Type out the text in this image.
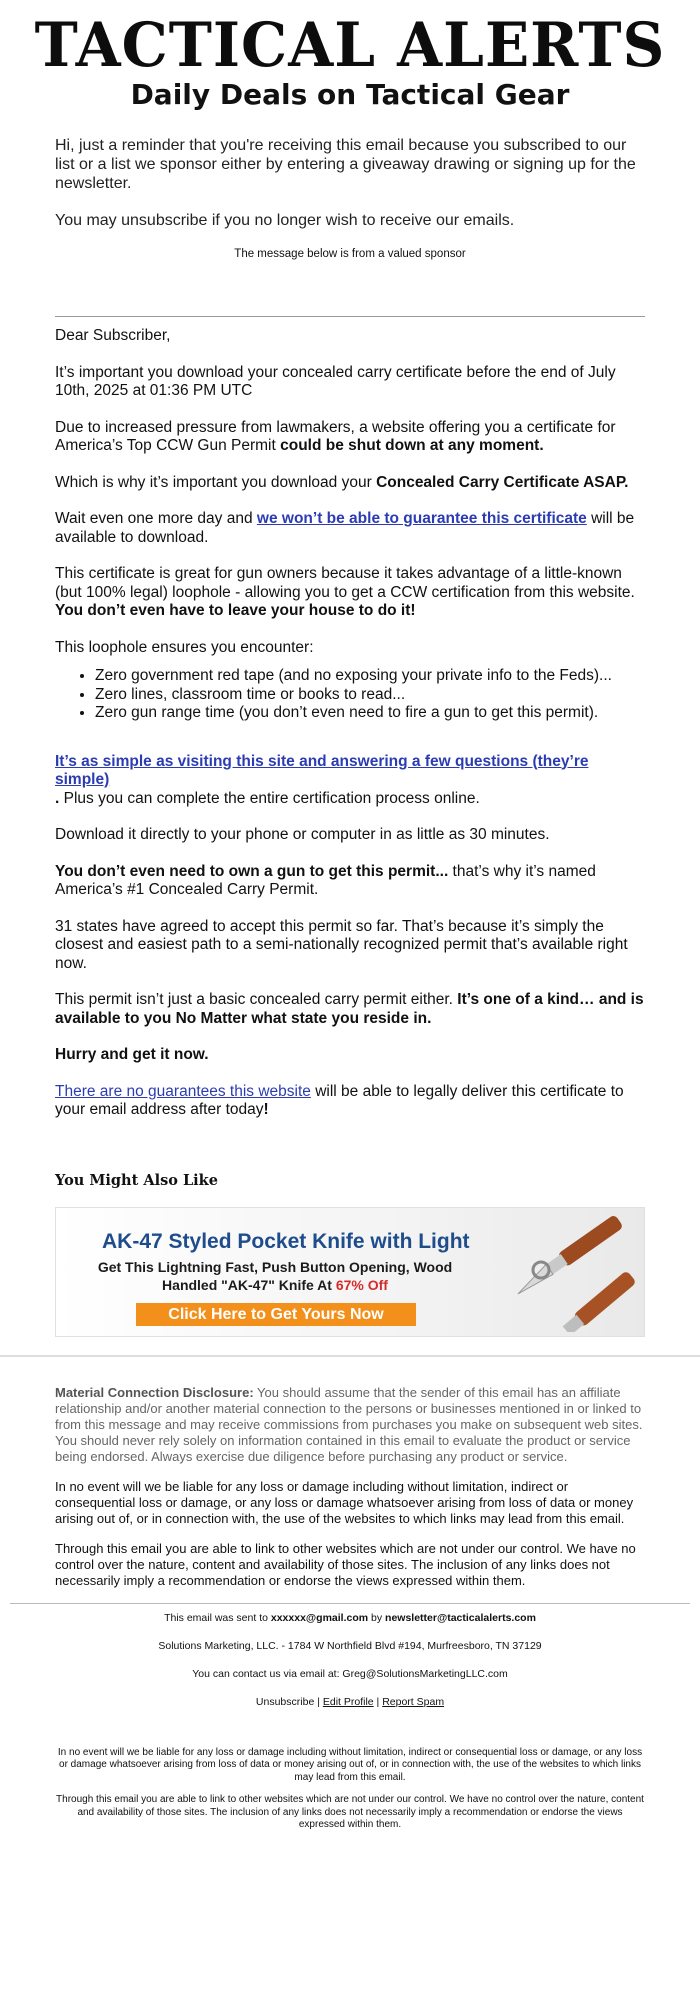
TACTICAL ALERTS
Daily Deals on Tactical Gear

Hi, just a reminder that you're receiving this email because you subscribed to our list or a list we sponsor either by entering a giveaway drawing or signing up for the newsletter.

You may unsubscribe if you no longer wish to receive our emails.

The message below is from a valued sponsor

Dear Subscriber,

It’s important you download your concealed carry certificate before the end of July 10th, 2025 at 01:36 PM UTC

Due to increased pressure from lawmakers, a website offering you a certificate for America’s Top CCW Gun Permit could be shut down at any moment.

Which is why it’s important you download your Concealed Carry Certificate ASAP.

Wait even one more day and we won’t be able to guarantee this certificate will be available to download.

This certificate is great for gun owners because it takes advantage of a little-known (but 100% legal) loophole - allowing you to get a CCW certification from this website. You don’t even have to leave your house to do it!

This loophole ensures you encounter:

• Zero government red tape (and no exposing your private info to the Feds)...
• Zero lines, classroom time or books to read...
• Zero gun range time (you don’t even need to fire a gun to get this permit).

It’s as simple as visiting this site and answering a few questions (they’re simple)
. Plus you can complete the entire certification process online.

Download it directly to your phone or computer in as little as 30 minutes.

You don’t even need to own a gun to get this permit... that’s why it’s named America’s #1 Concealed Carry Permit.

31 states have agreed to accept this permit so far. That’s because it’s simply the closest and easiest path to a semi-nationally recognized permit that’s available right now.

This permit isn’t just a basic concealed carry permit either. It’s one of a kind… and is available to you No Matter what state you reside in.

Hurry and get it now.

There are no guarantees this website will be able to legally deliver this certificate to your email address after today!

You Might Also Like
AK-47 Styled Pocket Knife with Light
Get This Lightning Fast, Push Button Opening, Wood
Handled "AK-47" Knife At 67% Off
Click Here to Get Yours Now

Material Connection Disclosure: You should assume that the sender of this email has an affiliate relationship and/or another material connection to the persons or businesses mentioned in or linked to from this message and may receive commissions from purchases you make on subsequent web sites. You should never rely solely on information contained in this email to evaluate the product or service being endorsed. Always exercise due diligence before purchasing any product or service.

In no event will we be liable for any loss or damage including without limitation, indirect or consequential loss or damage, or any loss or damage whatsoever arising from loss of data or money arising out of, or in connection with, the use of the websites to which links may lead from this email.

Through this email you are able to link to other websites which are not under our control. We have no control over the nature, content and availability of those sites. The inclusion of any links does not necessarily imply a recommendation or endorse the views expressed within them.

This email was sent to xxxxxx@gmail.com by newsletter@tacticalalerts.com

Solutions Marketing, LLC. - 1784 W Northfield Blvd #194, Murfreesboro, TN 37129

You can contact us via email at: Greg@SolutionsMarketingLLC.com

Unsubscribe | Edit Profile | Report Spam

In no event will we be liable for any loss or damage including without limitation, indirect or consequential loss or damage, or any loss or damage whatsoever arising from loss of data or money arising out of, or in connection with, the use of the websites to which links may lead from this email.

Through this email you are able to link to other websites which are not under our control. We have no control over the nature, content and availability of those sites. The inclusion of any links does not necessarily imply a recommendation or endorse the views expressed within them.
